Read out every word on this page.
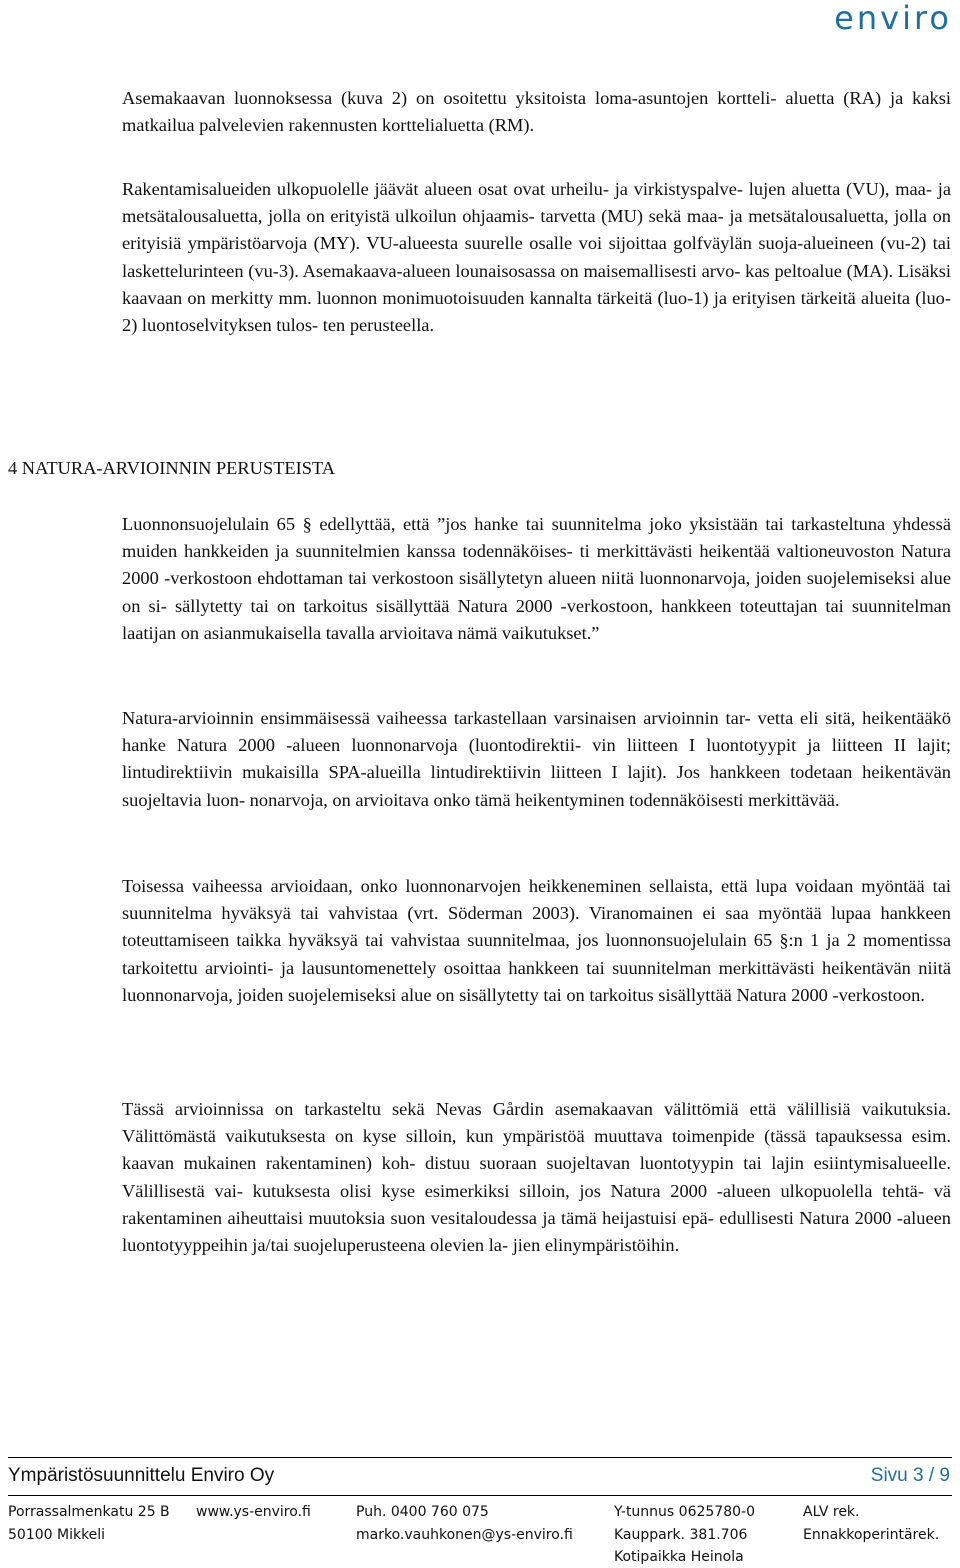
enviro

Asemakaavan luonnoksessa (kuva 2) on osoitettu yksitoista loma-asuntojen kortteli- aluetta (RA) ja kaksi matkailua palvelevien rakennusten korttelialuetta (RM).

Rakentamisalueiden ulkopuolelle jäävät alueen osat ovat urheilu- ja virkistyspalve- lujen aluetta (VU), maa- ja metsätalousaluetta, jolla on erityistä ulkoilun ohjaamis- tarvetta (MU) sekä maa- ja metsätalousaluetta, jolla on erityisiä ympäristöarvoja (MY). VU-alueesta suurelle osalle voi sijoittaa golfväylän suoja-alueineen (vu-2) tai laskettelurinteen (vu-3). Asemakaava-alueen lounaisosassa on maisemallisesti arvo- kas peltoalue (MA). Lisäksi kaavaan on merkitty mm. luonnon monimuotoisuuden kannalta tärkeitä (luo-1) ja erityisen tärkeitä alueita (luo-2) luontoselvityksen tulos- ten perusteella.

4 NATURA-ARVIOINNIN PERUSTEISTA

Luonnonsuojelulain 65 § edellyttää, että ”jos hanke tai suunnitelma joko yksistään tai tarkasteltuna yhdessä muiden hankkeiden ja suunnitelmien kanssa todennäköises- ti merkittävästi heikentää valtioneuvoston Natura 2000 -verkostoon ehdottaman tai verkostoon sisällytetyn alueen niitä luonnonarvoja, joiden suojelemiseksi alue on si- sällytetty tai on tarkoitus sisällyttää Natura 2000 -verkostoon, hankkeen toteuttajan tai suunnitelman laatijan on asianmukaisella tavalla arvioitava nämä vaikutukset.”

Natura-arvioinnin ensimmäisessä vaiheessa tarkastellaan varsinaisen arvioinnin tar- vetta eli sitä, heikentääkö hanke Natura 2000 -alueen luonnonarvoja (luontodirektii- vin liitteen I luontotyypit ja liitteen II lajit; lintudirektiivin mukaisilla SPA-alueilla lintudirektiivin liitteen I lajit). Jos hankkeen todetaan heikentävän suojeltavia luon- nonarvoja, on arvioitava onko tämä heikentyminen todennäköisesti merkittävää.

Toisessa vaiheessa arvioidaan, onko luonnonarvojen heikkeneminen sellaista, että lupa voidaan myöntää tai suunnitelma hyväksyä tai vahvistaa (vrt. Söderman 2003). Viranomainen ei saa myöntää lupaa hankkeen toteuttamiseen taikka hyväksyä tai vahvistaa suunnitelmaa, jos luonnonsuojelulain 65 §:n 1 ja 2 momentissa tarkoitettu arviointi- ja lausuntomenettely osoittaa hankkeen tai suunnitelman merkittävästi heikentävän niitä luonnonarvoja, joiden suojelemiseksi alue on sisällytetty tai on tarkoitus sisällyttää Natura 2000 -verkostoon.

Tässä arvioinnissa on tarkasteltu sekä Nevas Gårdin asemakaavan välittömiä että välillisiä vaikutuksia. Välittömästä vaikutuksesta on kyse silloin, kun ympäristöä muuttava toimenpide (tässä tapauksessa esim. kaavan mukainen rakentaminen) koh- distuu suoraan suojeltavan luontotyypin tai lajin esiintymisalueelle. Välillisestä vai- kutuksesta olisi kyse esimerkiksi silloin, jos Natura 2000 -alueen ulkopuolella tehtä- vä rakentaminen aiheuttaisi muutoksia suon vesitaloudessa ja tämä heijastuisi epä- edullisesti Natura 2000 -alueen luontotyyppeihin ja/tai suojeluperusteena olevien la- jien elinympäristöihin.

Ympäristösuunnittelu Enviro Oy	Sivu 3 / 9
Porrassalmenkatu 25 B www.ys-enviro.fi	Puh. 0400 760 075	Y-tunnus 0625780-0	ALV rek.
50100 Mikkeli	marko.vauhkonen@ys-enviro.fi	Kauppark. 381.706	Ennakkoperintärek.
Kotipaikka Heinola
